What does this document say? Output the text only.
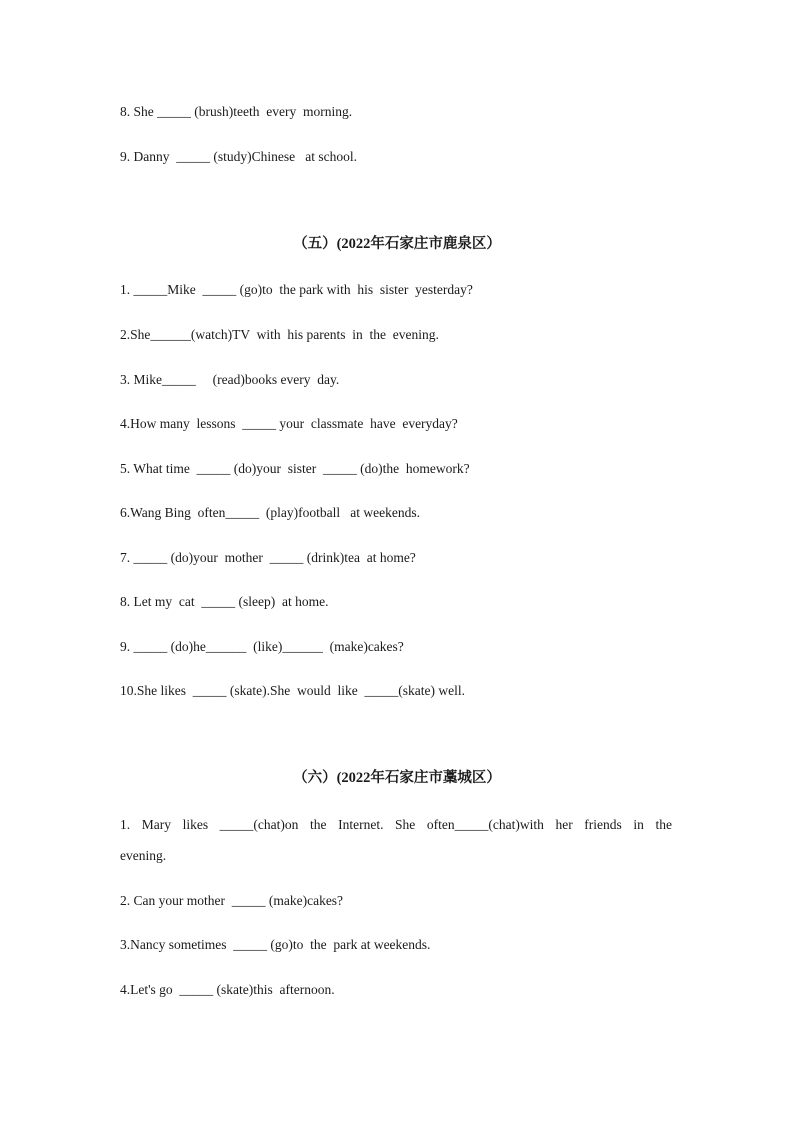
8. She _____ (brush)teeth  every  morning.

9. Danny  _____ (study)Chinese   at school.

（五）(2022年石家庄市鹿泉区）

1. _____Mike  _____ (go)to  the park with  his  sister  yesterday?

2.She______(watch)TV  with  his parents  in  the  evening.

3. Mike_____     (read)books every  day.

4.How many  lessons  _____ your  classmate  have  everyday?

5. What time  _____ (do)your  sister  _____ (do)the  homework?

6.Wang Bing  often_____  (play)football   at weekends.

7. _____ (do)your  mother  _____ (drink)tea  at home?

8. Let my  cat  _____ (sleep)  at home.

9. _____ (do)he______  (like)______  (make)cakes?

10.She likes  _____ (skate).She  would  like  _____(skate) well.

（六）(2022年石家庄市藁城区）

1. Mary likes _____(chat)on the Internet. She often_____(chat)with her friends in the

evening.

2. Can your mother  _____ (make)cakes?

3.Nancy sometimes  _____ (go)to  the  park at weekends.

4.Let's go  _____ (skate)this  afternoon.
